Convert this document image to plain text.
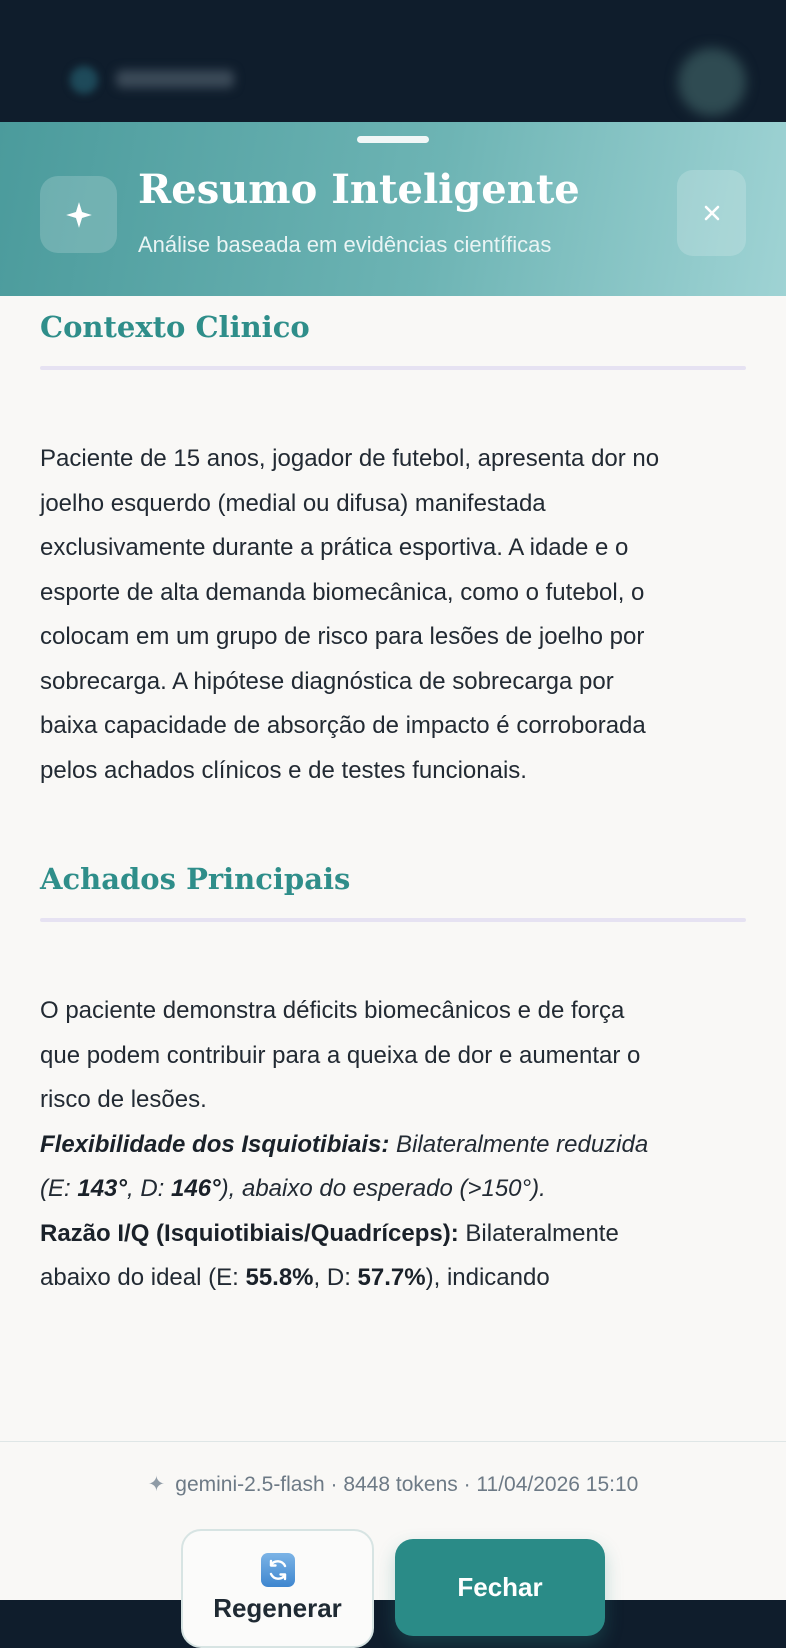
Resumo Inteligente
Análise baseada em evidências científicas
Contexto Clinico
Paciente de 15 anos, jogador de futebol, apresenta dor no
joelho esquerdo (medial ou difusa) manifestada
exclusivamente durante a prática esportiva. A idade e o
esporte de alta demanda biomecânica, como o futebol, o
colocam em um grupo de risco para lesões de joelho por
sobrecarga. A hipótese diagnóstica de sobrecarga por
baixa capacidade de absorção de impacto é corroborada
pelos achados clínicos e de testes funcionais.
Achados Principais
O paciente demonstra déficits biomecânicos e de força
que podem contribuir para a queixa de dor e aumentar o
risco de lesões.
Flexibilidade dos Isquiotibiais: Bilateralmente reduzida
(E: 143°, D: 146°), abaixo do esperado (>150°).
Razão I/Q (Isquiotibiais/Quadríceps): Bilateralmente
abaixo do ideal (E: 55.8%, D: 57.7%), indicando
✦ gemini-2.5-flash · 8448 tokens · 11/04/2026 15:10
Regenerar
Fechar
